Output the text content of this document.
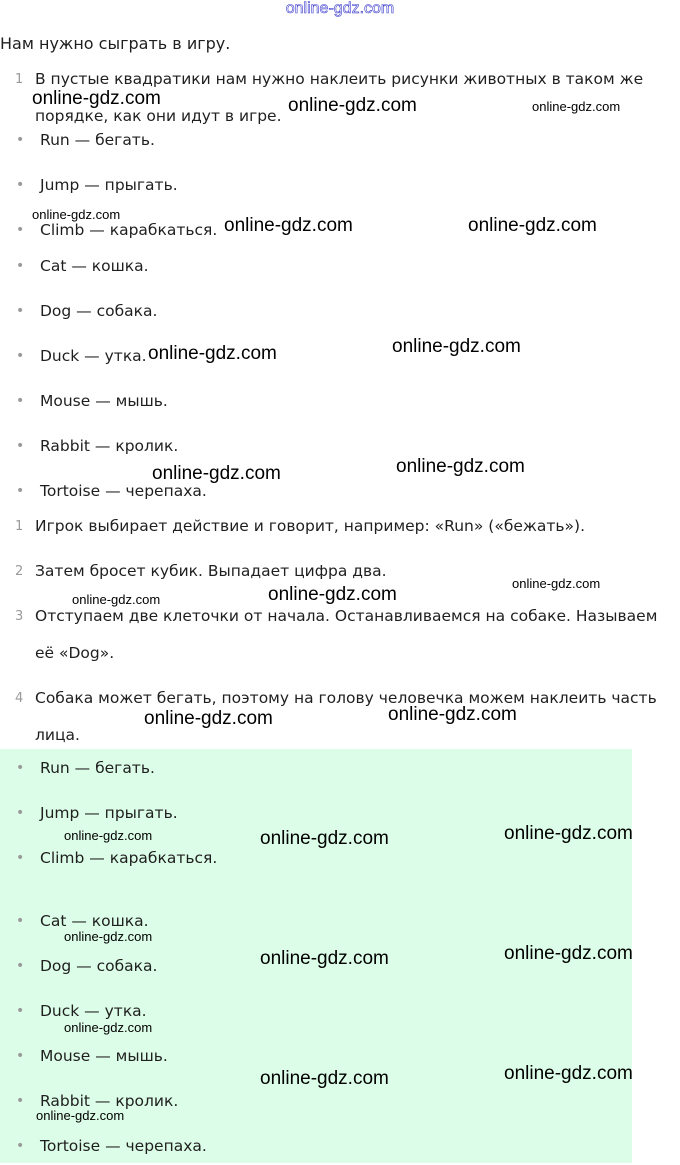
online-gdz.com
Нам нужно сыграть в игру.
1 В пустые квадратики нам нужно наклеить рисунки животных в таком же
порядке, как они идут в игре.
• Run — бегать.
• Jump — прыгать.
• Climb — карабкаться.
• Cat — кошка.
• Dog — собака.
• Duck — утка.
• Mouse — мышь.
• Rabbit — кролик.
• Tortoise — черепаха.
1 Игрок выбирает действие и говорит, например: «Run» («бежать»).
2 Затем бросет кубик. Выпадает цифра два.
3 Отступаем две клеточки от начала. Останавливаемся на собаке. Называем
её «Dog».
4 Собака может бегать, поэтому на голову человечка можем наклеить часть
лица.
• Run — бегать.
• Jump — прыгать.
• Climb — карабкаться.
• Cat — кошка.
• Dog — собака.
• Duck — утка.
• Mouse — мышь.
• Rabbit — кролик.
• Tortoise — черепаха.
online-gdz.com	online-gdz.com	online-gdz.com
online-gdz.com
online-gdz.com	online-gdz.com
online-gdz.com	online-gdz.com
online-gdz.com	online-gdz.com
online-gdz.com
online-gdz.com	online-gdz.com
online-gdz.com	online-gdz.com
online-gdz.com	online-gdz.com	online-gdz.com
online-gdz.com
online-gdz.com	online-gdz.com
online-gdz.com
online-gdz.com	online-gdz.com
online-gdz.com
